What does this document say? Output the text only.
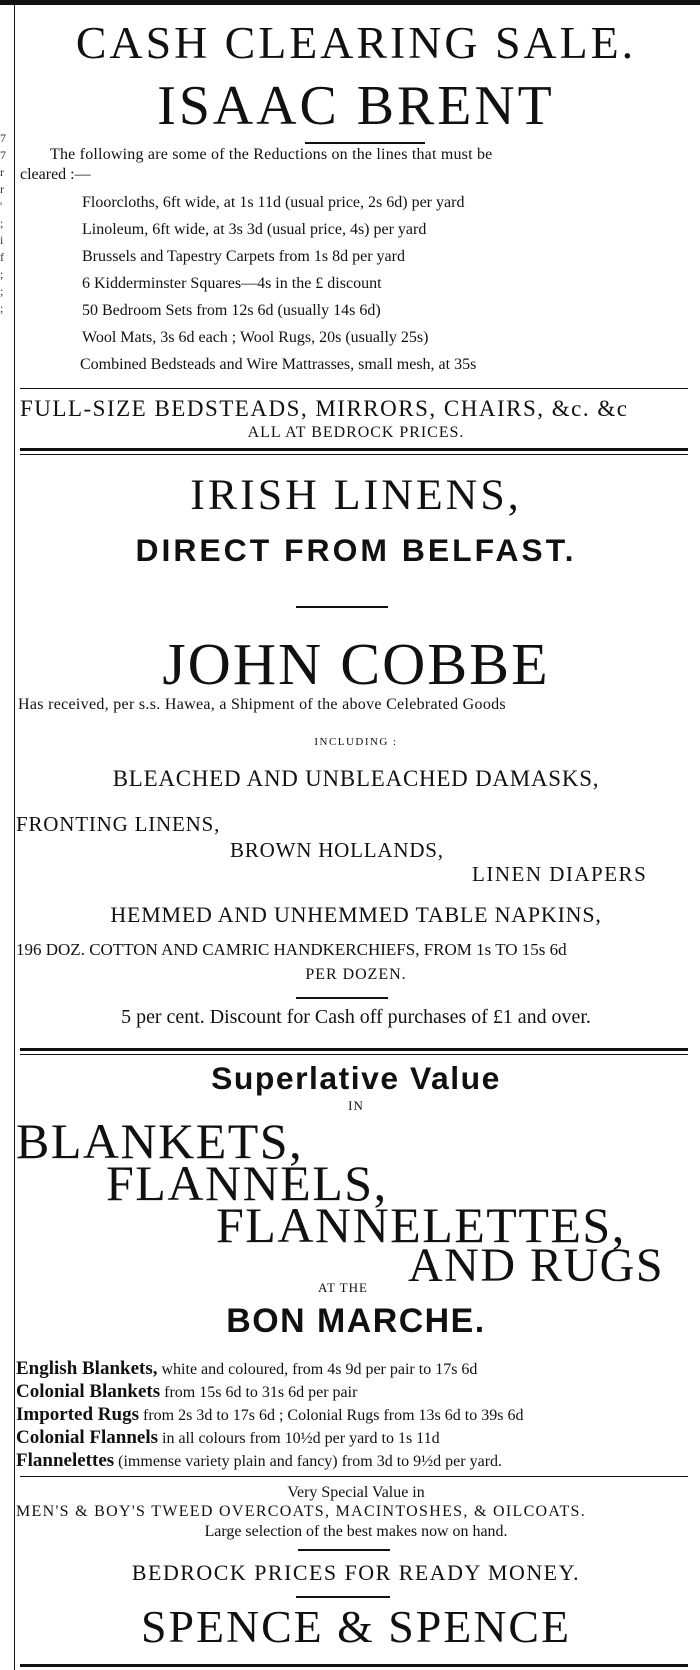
7
7
r
r
'
;
i
f
;
;
;
CASH CLEARING SALE.
ISAAC BRENT
The following are some of the Reductions on the lines that must be
cleared :—
Floorcloths, 6ft wide, at 1s 11d (usual price, 2s 6d) per yard
Linoleum, 6ft wide, at 3s 3d (usual price, 4s) per yard
Brussels and Tapestry Carpets from 1s 8d per yard
6 Kidderminster Squares—4s in the £ discount
50 Bedroom Sets from 12s 6d (usually 14s 6d)
Wool Mats, 3s 6d each ; Wool Rugs, 20s (usually 25s)
Combined Bedsteads and Wire Mattrasses, small mesh, at 35s
FULL-SIZE BEDSTEADS, MIRRORS, CHAIRS, &c. &c
ALL AT BEDROCK PRICES.
IRISH LINENS,
DIRECT FROM BELFAST.
JOHN COBBE
Has received, per s.s. Hawea, a Shipment of the above Celebrated Goods
INCLUDING :
BLEACHED AND UNBLEACHED DAMASKS,
FRONTING LINENS,
BROWN HOLLANDS,
LINEN DIAPERS
HEMMED AND UNHEMMED TABLE NAPKINS,
196 DOZ. COTTON AND CAMRIC HANDKERCHIEFS, FROM 1s TO 15s 6d
PER DOZEN.
5 per cent. Discount for Cash off purchases of £1 and over.
Superlative Value
IN
BLANKETS,
FLANNELS,
FLANNELETTES,
AND RUGS
AT THE
BON MARCHE.
English Blankets, white and coloured, from 4s 9d per pair to 17s 6d
Colonial Blankets from 15s 6d to 31s 6d per pair
Imported Rugs from 2s 3d to 17s 6d ; Colonial Rugs from 13s 6d to 39s 6d
Colonial Flannels in all colours from 10½d per yard to 1s 11d
Flannelettes (immense variety plain and fancy) from 3d to 9½d per yard.
Very Special Value in
MEN'S & BOY'S TWEED OVERCOATS, MACINTOSHES, & OILCOATS.
Large selection of the best makes now on hand.
BEDROCK PRICES FOR READY MONEY.
SPENCE & SPENCE
